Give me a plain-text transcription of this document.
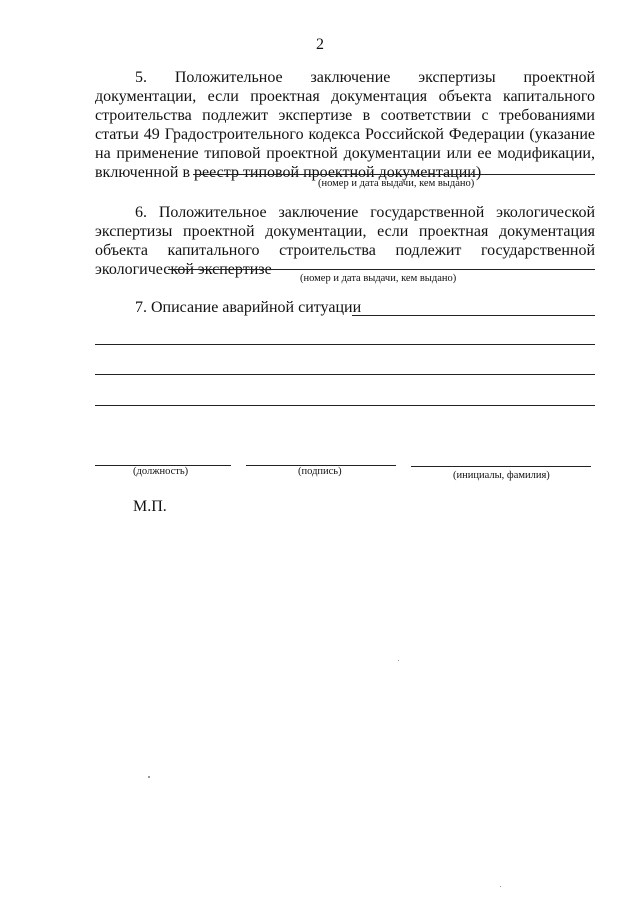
2
5. Положительное заключение экспертизы проектной документации, если проектная документация объекта капитального строительства подлежит экспертизе в соответствии с требованиями статьи 49 Градостроительного кодекса Российской Федерации (указание на применение типовой проектной документации или ее модификации, включенной в реестр типовой проектной документации)
(номер и дата выдачи, кем выдано)
6. Положительное заключение государственной экологической экспертизы проектной документации, если проектная документация объекта капитального строительства подлежит государственной экологической экспертизе
(номер и дата выдачи, кем выдано)
7. Описание аварийной ситуации
(должность)	(подпись)	(инициалы, фамилия)
М.П.
